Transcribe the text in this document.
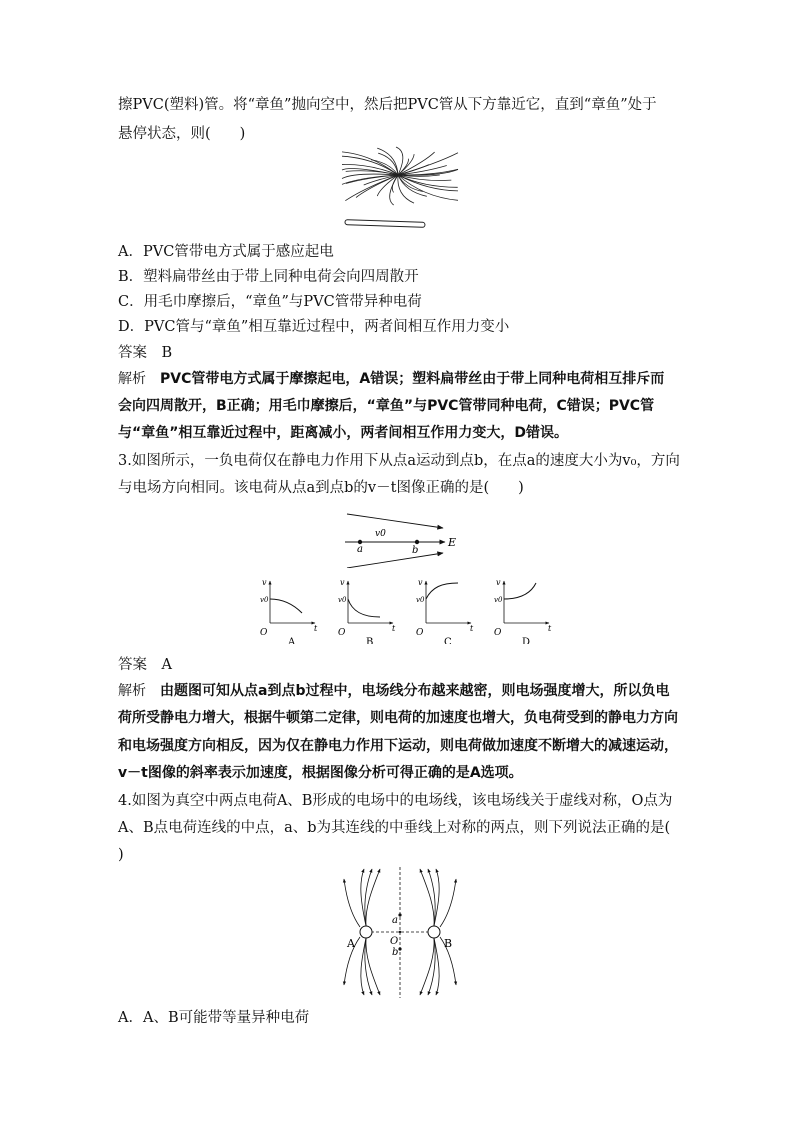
擦PVC(塑料)管。将“章鱼”抛向空中，然后把PVC管从下方靠近它，直到“章鱼”处于
悬停状态，则(　　)
A．PVC管带电方式属于感应起电
B．塑料扁带丝由于带上同种电荷会向四周散开
C．用毛巾摩擦后，“章鱼”与PVC管带异种电荷
D．PVC管与“章鱼”相互靠近过程中，两者间相互作用力变小
答案　 B
解析　 PVC管带电方式属于摩擦起电，A错误；塑料扁带丝由于带上同种电荷相互排斥而
会向四周散开，B正确；用毛巾摩擦后，“章鱼”与PVC管带同种电荷，C错误；PVC管
与“章鱼”相互靠近过程中，距离减小，两者间相互作用力变大，D错误。
3.如图所示，一负电荷仅在静电力作用下从点a运动到点b，在点a的速度大小为v₀，方向
与电场方向相同。该电荷从点a到点b的v－t图像正确的是(　　)
v0
a	b
E
v
v0
t
O
A
v
v0
t
O
B
v
v0
t
O
C
v
v0
t
O
D
答案　 A
解析　 由题图可知从点a到点b过程中，电场线分布越来越密，则电场强度增大，所以负电
荷所受静电力增大，根据牛顿第二定律，则电荷的加速度也增大，负电荷受到的静电力方向
和电场强度方向相反，因为仅在静电力作用下运动，则电荷做加速度不断增大的减速运动，
v－t图像的斜率表示加速度，根据图像分析可得正确的是A选项。
4.如图为真空中两点电荷A、B形成的电场中的电场线，该电场线关于虚线对称，O点为
A、B点电荷连线的中点，a、b为其连线的中垂线上对称的两点，则下列说法正确的是(
)
A	B
O
a
b
A．A、B可能带等量异种电荷
